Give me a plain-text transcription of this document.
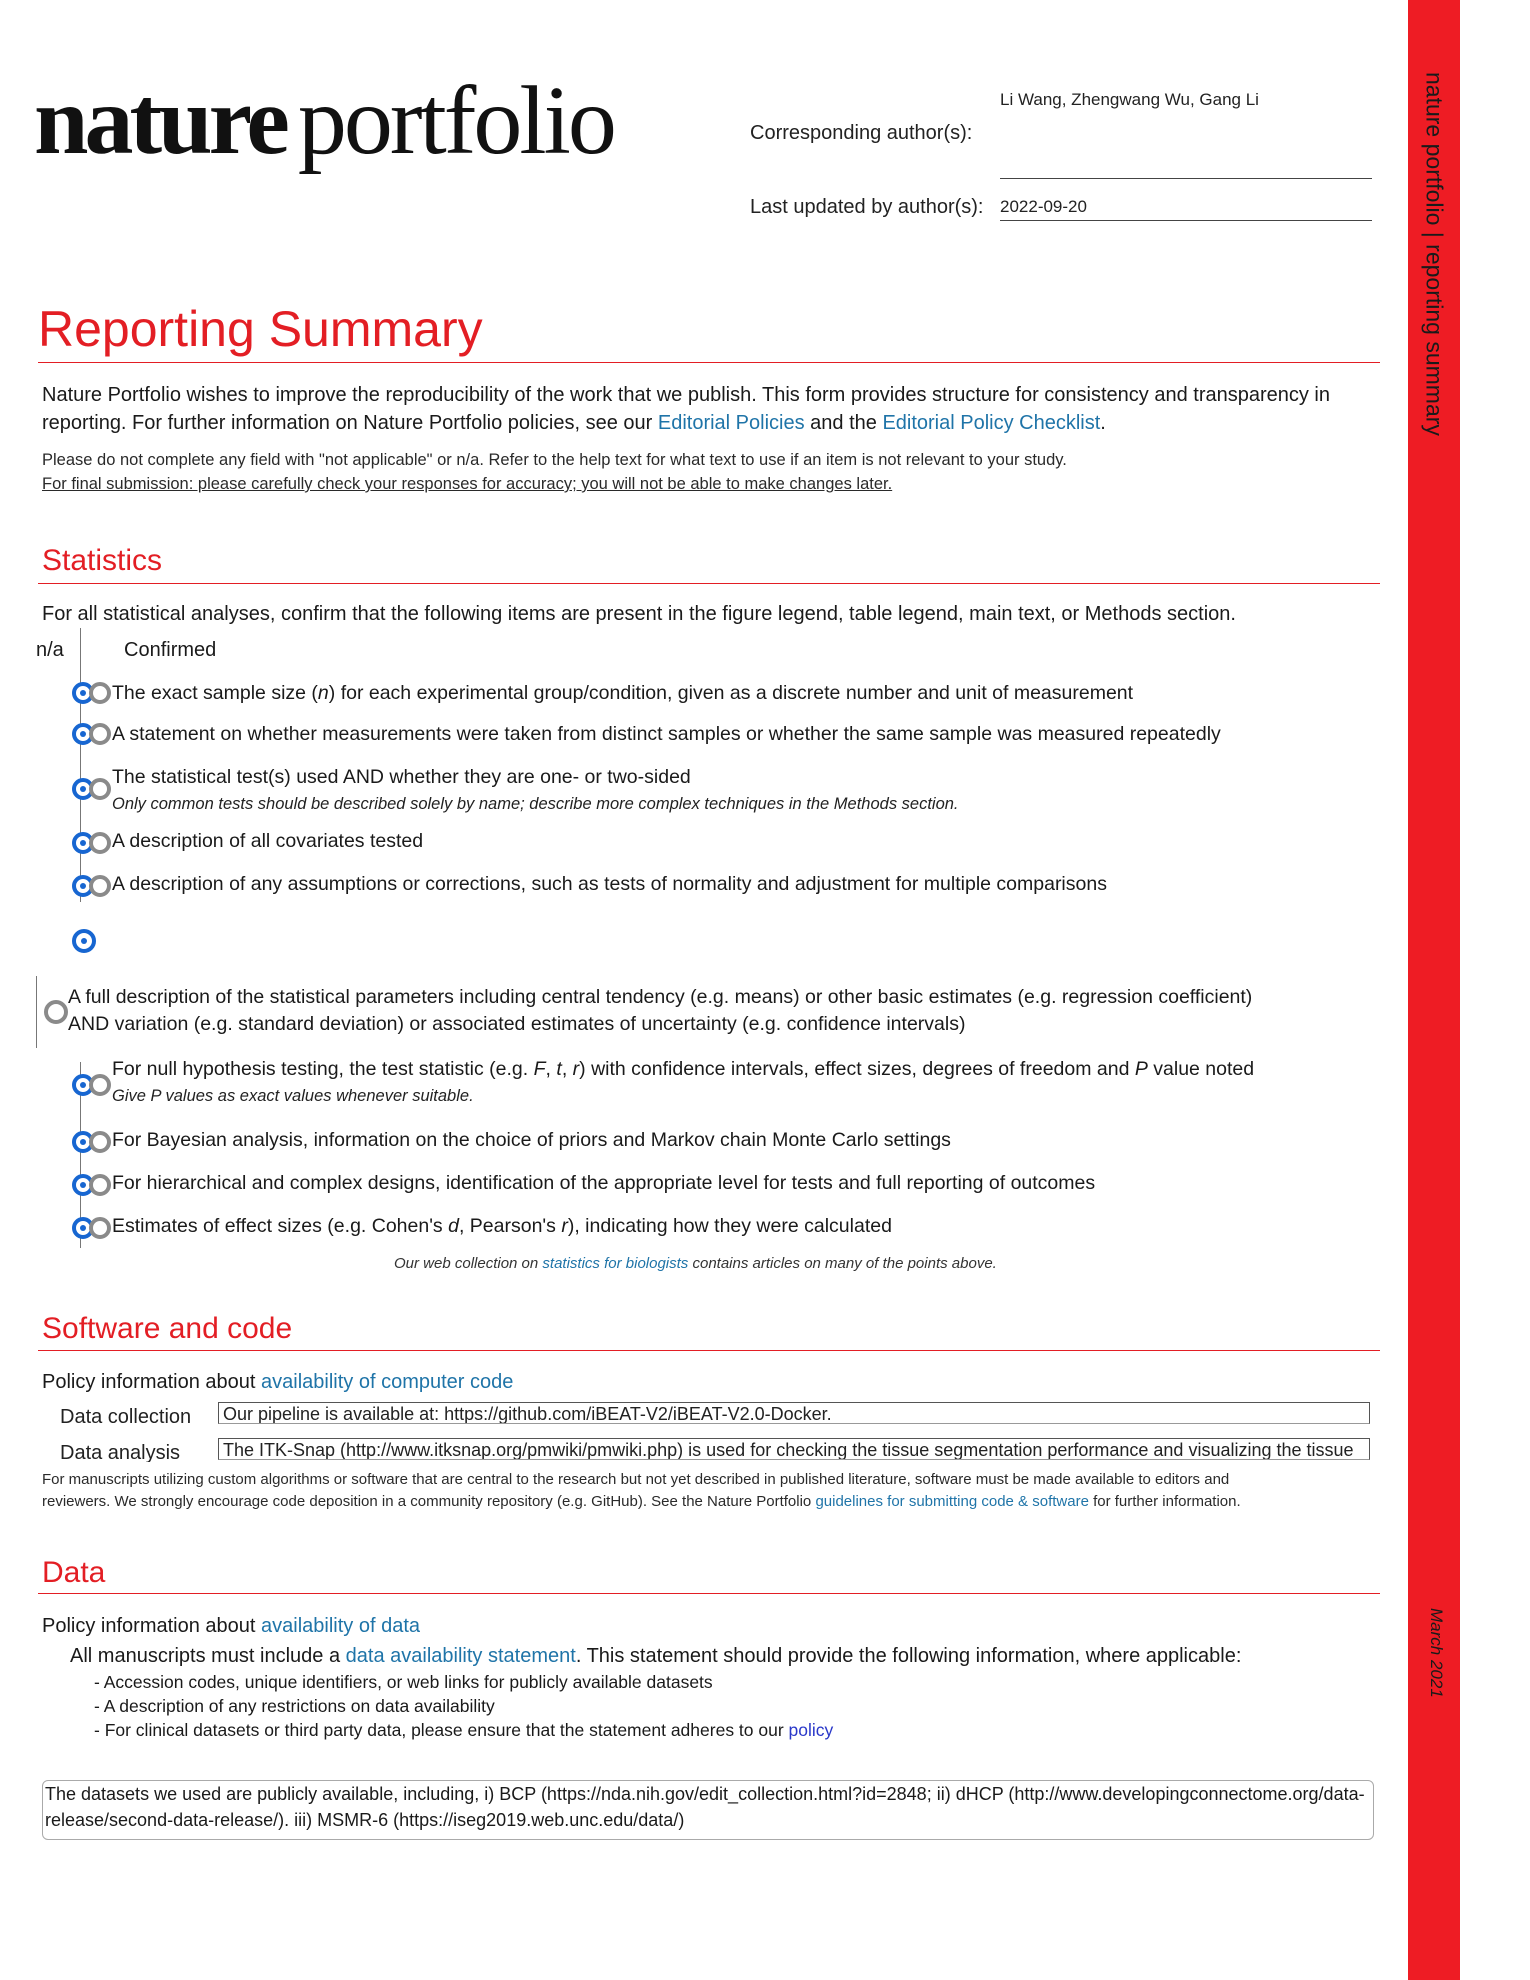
nature portfolio | reporting summary
March 2021
nature portfolio	Li Wang, Zhengwang Wu, Gang Li
Corresponding author(s):
Last updated by author(s): 2022-09-20
Reporting Summary
Nature Portfolio wishes to improve the reproducibility of the work that we publish. This form provides structure for consistency and transparency in reporting. For further information on Nature Portfolio policies, see our Editorial Policies and the Editorial Policy Checklist.
Please do not complete any field with "not applicable" or n/a. Refer to the help text for what text to use if an item is not relevant to your study.
For final submission: please carefully check your responses for accuracy; you will not be able to make changes later.
Statistics
For all statistical analyses, confirm that the following items are present in the figure legend, table legend, main text, or Methods section.
n/a	Confirmed
The exact sample size (n) for each experimental group/condition, given as a discrete number and unit of measurement
A statement on whether measurements were taken from distinct samples or whether the same sample was measured repeatedly
The statistical test(s) used AND whether they are one- or two-sided
Only common tests should be described solely by name; describe more complex techniques in the Methods section.
A description of all covariates tested
A description of any assumptions or corrections, such as tests of normality and adjustment for multiple comparisons
A full description of the statistical parameters including central tendency (e.g. means) or other basic estimates (e.g. regression coefficient)
AND variation (e.g. standard deviation) or associated estimates of uncertainty (e.g. confidence intervals)
For null hypothesis testing, the test statistic (e.g. F, t, r) with confidence intervals, effect sizes, degrees of freedom and P value noted
Give P values as exact values whenever suitable.
For Bayesian analysis, information on the choice of priors and Markov chain Monte Carlo settings
For hierarchical and complex designs, identification of the appropriate level for tests and full reporting of outcomes
Estimates of effect sizes (e.g. Cohen's d, Pearson's r), indicating how they were calculated
Our web collection on statistics for biologists contains articles on many of the points above.
Software and code
Policy information about availability of computer code
Data collection Our pipeline is available at: https://github.com/iBEAT-V2/iBEAT-V2.0-Docker.
Data analysis The ITK-Snap (http://www.itksnap.org/pmwiki/pmwiki.php) is used for checking the tissue segmentation performance and visualizing the tissue
For manuscripts utilizing custom algorithms or software that are central to the research but not yet described in published literature, software must be made available to editors and
reviewers. We strongly encourage code deposition in a community repository (e.g. GitHub). See the Nature Portfolio guidelines for submitting code & software for further information.
Data
Policy information about availability of data
All manuscripts must include a data availability statement. This statement should provide the following information, where applicable:
- Accession codes, unique identifiers, or web links for publicly available datasets
- A description of any restrictions on data availability
- For clinical datasets or third party data, please ensure that the statement adheres to our policy
The datasets we used are publicly available, including, i) BCP (https://nda.nih.gov/edit_collection.html?id=2848; ii) dHCP (http://www.developingconnectome.org/data-
release/second-data-release/). iii) MSMR-6 (https://iseg2019.web.unc.edu/data/)
